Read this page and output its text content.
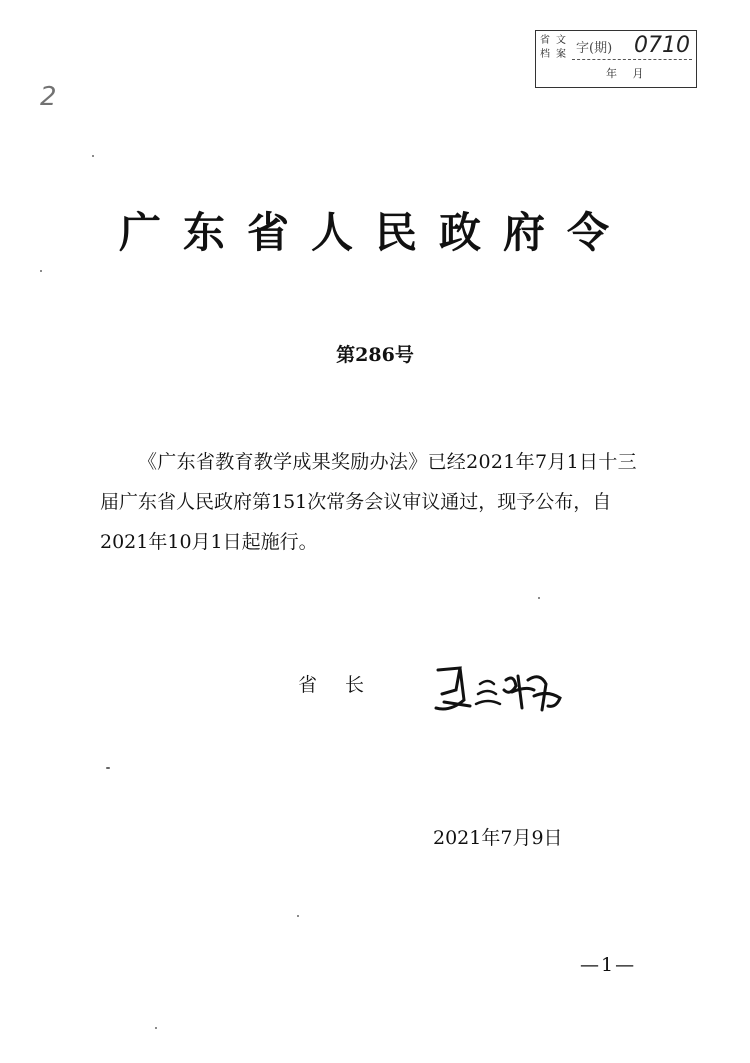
省档
文案 字(期) 0710
年 月
2
广东省人民政府令
第286号
《广东省教育教学成果奖励办法》已经2021年7月1日十三
届广东省人民政府第151次常务会议审议通过，现予公布，自
2021年10月1日起施行。
省长
2021年7月9日
—1—
